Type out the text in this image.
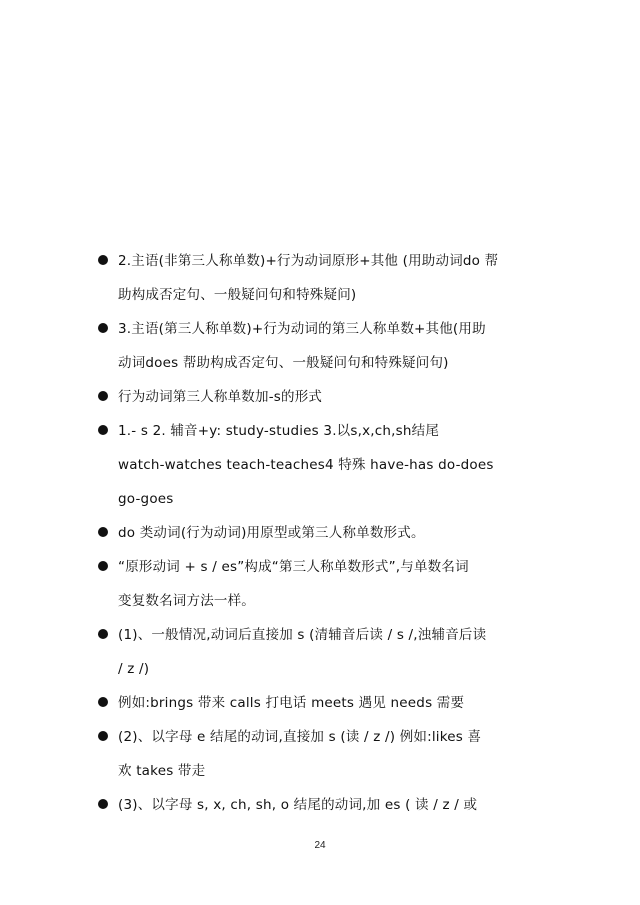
2.主语(非第三人称单数)+行为动词原形+其他 (用助动词do 帮
助构成否定句、一般疑问句和特殊疑问)
3.主语(第三人称单数)+行为动词的第三人称单数+其他(用助
动词does 帮助构成否定句、一般疑问句和特殊疑问句)
行为动词第三人称单数加-s的形式
1.- s 2. 辅音+y: study-studies 3.以s,x,ch,sh结尾
watch-watches teach-teaches4 特殊 have-has do-does
go-goes
do 类动词(行为动词)用原型或第三人称单数形式。
“原形动词 + s / es”构成“第三人称单数形式”,与单数名词
变复数名词方法一样。
(1)、一般情况,动词后直接加 s (清辅音后读 / s /,浊辅音后读
/ z /)
例如:brings 带来 calls 打电话 meets 遇见 needs 需要
(2)、以字母 e 结尾的动词,直接加 s (读 / z /) 例如:likes 喜
欢 takes 带走
(3)、以字母 s, x, ch, sh, o 结尾的动词,加 es ( 读 / z / 或
24
